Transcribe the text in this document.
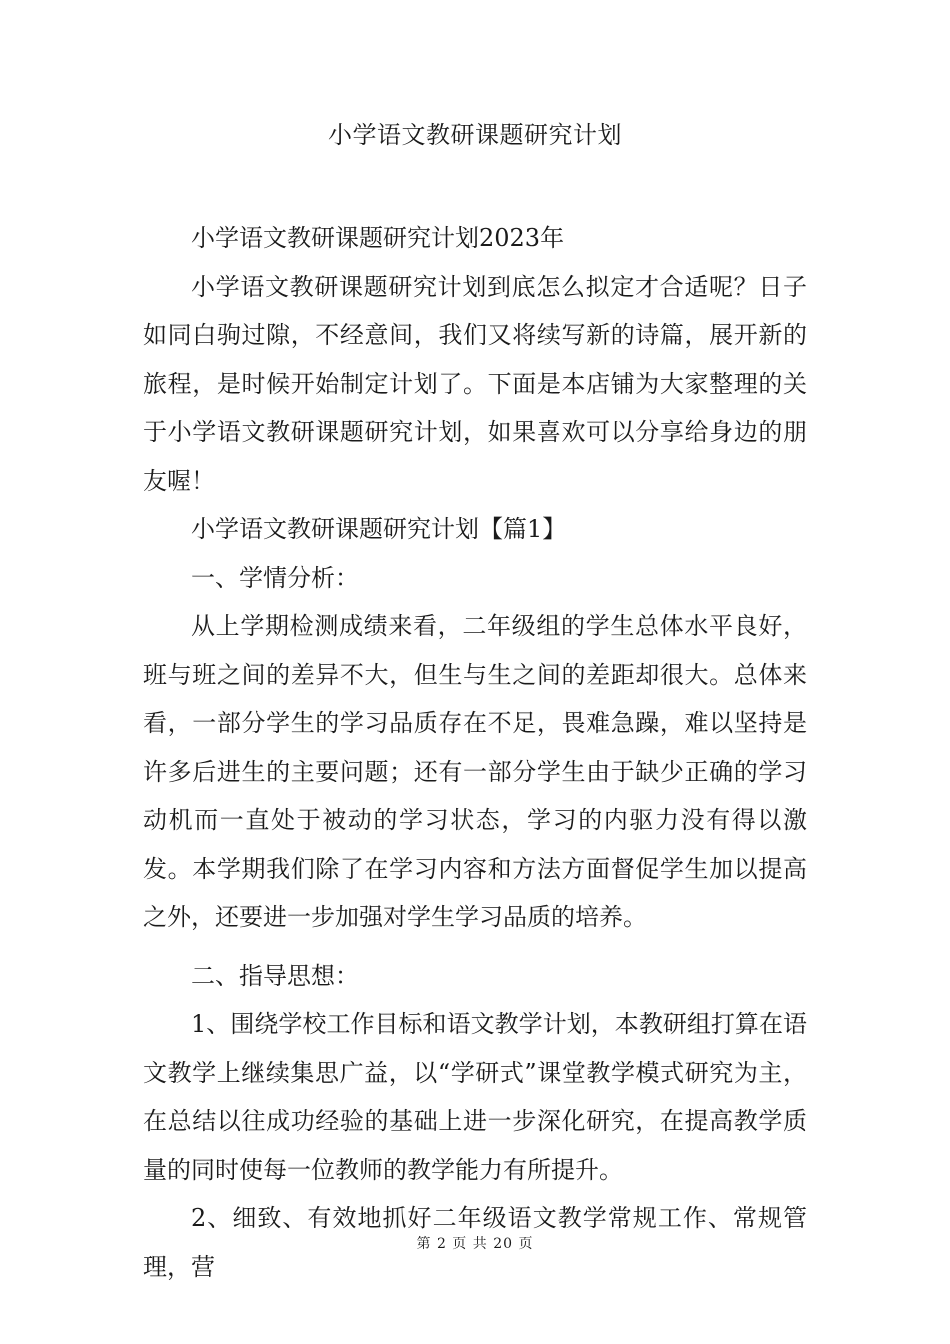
小学语文教研课题研究计划

小学语文教研课题研究计划2023年

小学语文教研课题研究计划到底怎么拟定才合适呢？日子如同白驹过隙，不经意间，我们又将续写新的诗篇，展开新的旅程，是时候开始制定计划了。下面是本店铺为大家整理的关于小学语文教研课题研究计划，如果喜欢可以分享给身边的朋友喔！

小学语文教研课题研究计划【篇1】

一、学情分析：

从上学期检测成绩来看，二年级组的学生总体水平良好，班与班之间的差异不大，但生与生之间的差距却很大。总体来看，一部分学生的学习品质存在不足，畏难急躁，难以坚持是许多后进生的主要问题；还有一部分学生由于缺少正确的学习动机而一直处于被动的学习状态，学习的内驱力没有得以激发。本学期我们除了在学习内容和方法方面督促学生加以提高之外，还要进一步加强对学生学习品质的培养。

二、指导思想：

1、围绕学校工作目标和语文教学计划，本教研组打算在语文教学上继续集思广益，以“学研式”课堂教学模式研究为主，在总结以往成功经验的基础上进一步深化研究，在提高教学质量的同时使每一位教师的教学能力有所提升。

2、细致、有效地抓好二年级语文教学常规工作、常规管理，营

第 2 页 共 20 页
